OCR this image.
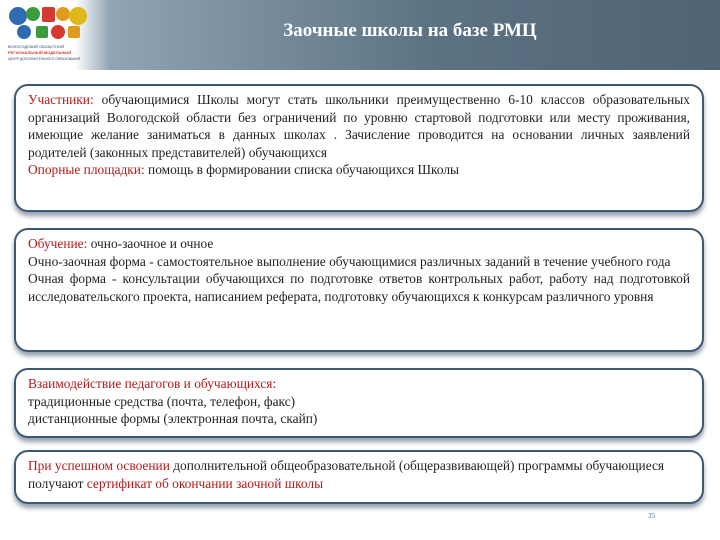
ВОЛОГОДСКИЙ ОБЛАСТНОЙ
РЕГИОНАЛЬНЫЙ МОДЕЛЬНЫЙ
ЦЕНТР ДОПОЛНИТЕЛЬНОГО ОБРАЗОВАНИЯ
Заочные школы на базе РМЦ

Участники: обучающимися Школы могут стать школьники преимущественно 6-10 классов образовательных организаций Вологодской области без ограничений по уровню стартовой подготовки или месту проживания, имеющие желание заниматься в данных школах . Зачисление проводится на основании личных заявлений родителей (законных представителей) обучающихся

Опорные площадки: помощь в формировании списка обучающихся Школы

Обучение: очно-заочное и очное

Очно-заочная форма - самостоятельное выполнение обучающимися различных заданий в течение учебного года

Очная форма - консультации обучающихся по подготовке ответов контрольных работ, работу над подготовкой исследовательского проекта, написанием реферата, подготовку обучающихся к конкурсам различного уровня

Взаимодействие педагогов и обучающихся:

традиционные средства (почта, телефон, факс)

дистанционные формы (электронная почта, скайп)

При успешном освоении дополнительной общеобразовательной (общеразвивающей) программы обучающиеся получают сертификат об окончании заочной школы

35
